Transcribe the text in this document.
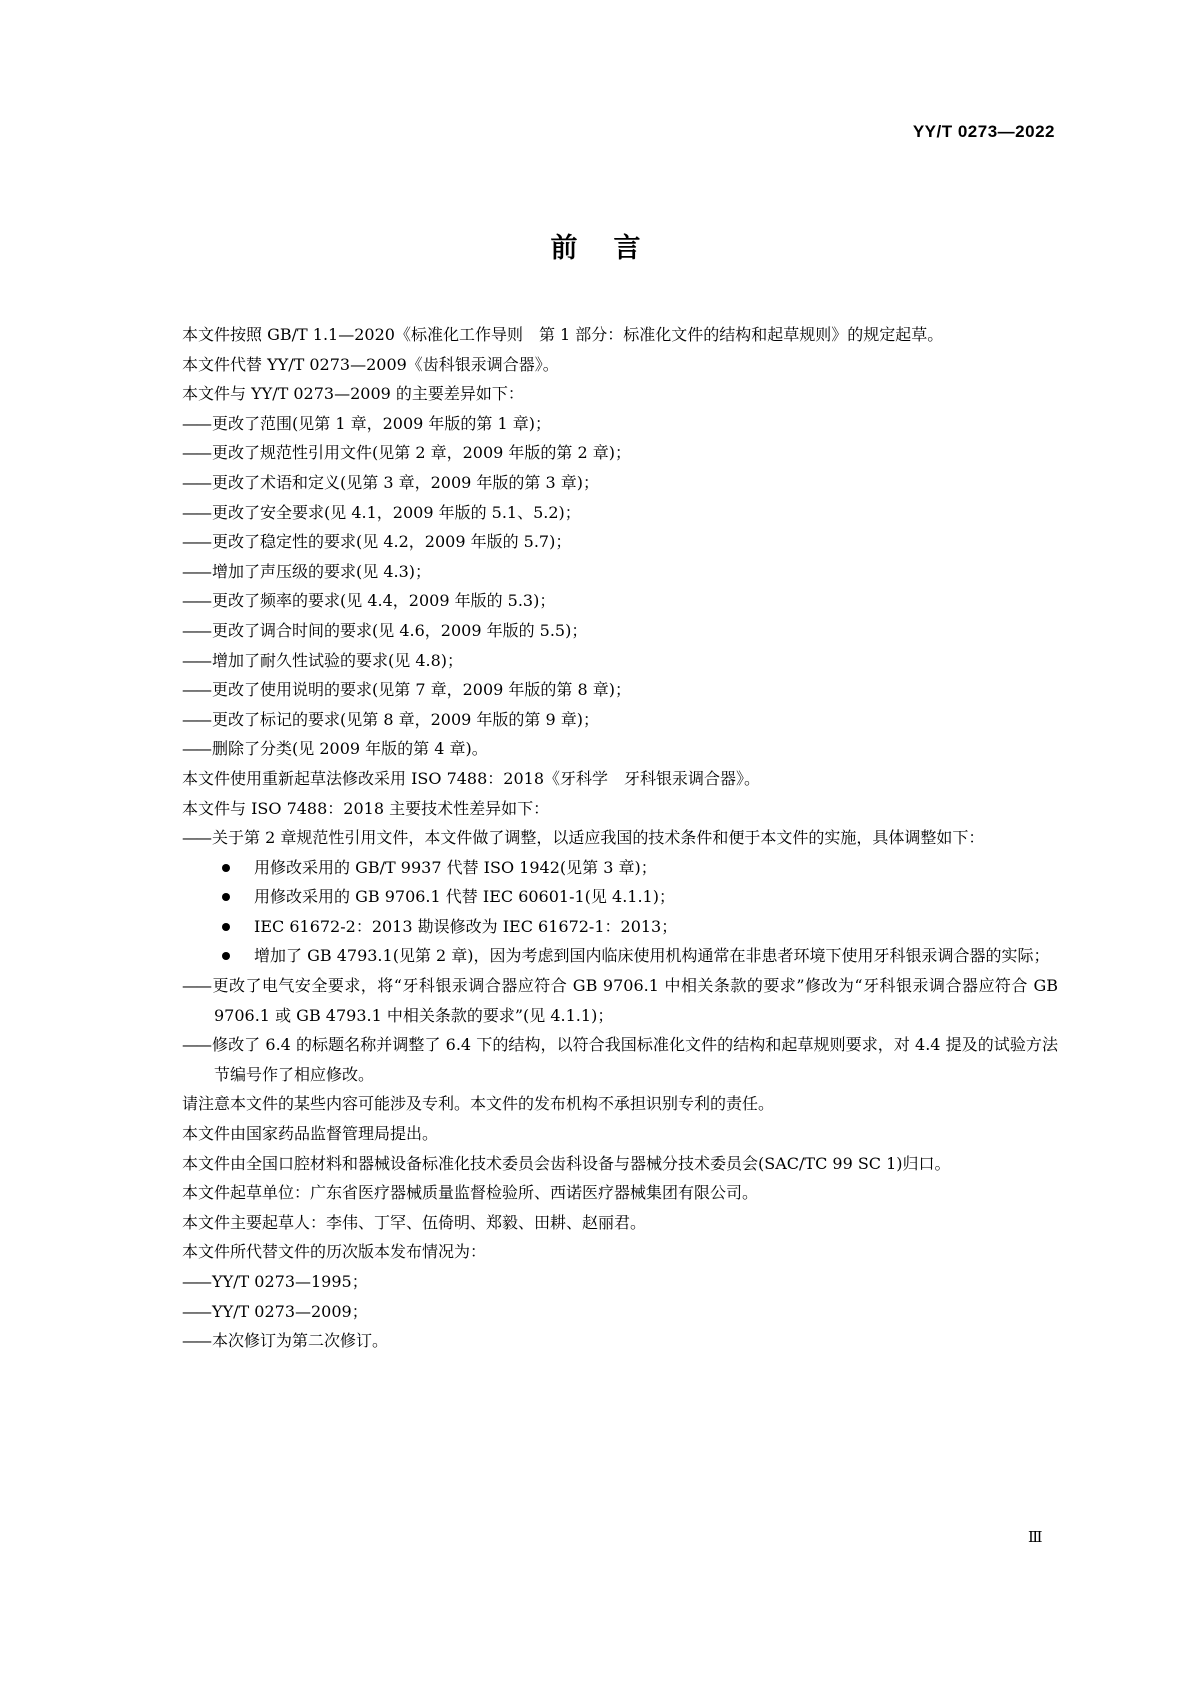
YY/T 0273—2022
前言

本文件按照 GB/T 1.1—2020《标准化工作导则　第 1 部分：标准化文件的结构和起草规则》的规定起草。

本文件代替 YY/T 0273—2009《齿科银汞调合器》。

本文件与 YY/T 0273—2009 的主要差异如下：

—— 更改了范围(见第 1 章，2009 年版的第 1 章)；

—— 更改了规范性引用文件(见第 2 章，2009 年版的第 2 章)；

—— 更改了术语和定义(见第 3 章，2009 年版的第 3 章)；

—— 更改了安全要求(见 4.1，2009 年版的 5.1、5.2)；

—— 更改了稳定性的要求(见 4.2，2009 年版的 5.7)；

—— 增加了声压级的要求(见 4.3)；

—— 更改了频率的要求(见 4.4，2009 年版的 5.3)；

—— 更改了调合时间的要求(见 4.6，2009 年版的 5.5)；

—— 增加了耐久性试验的要求(见 4.8)；

—— 更改了使用说明的要求(见第 7 章，2009 年版的第 8 章)；

—— 更改了标记的要求(见第 8 章，2009 年版的第 9 章)；

—— 删除了分类(见 2009 年版的第 4 章)。

本文件使用重新起草法修改采用 ISO 7488：2018《牙科学　牙科银汞调合器》。

本文件与 ISO 7488：2018 主要技术性差异如下：

—— 关于第 2 章规范性引用文件，本文件做了调整，以适应我国的技术条件和便于本文件的实施，具体调整如下：

用修改采用的 GB/T 9937 代替 ISO 1942(见第 3 章)；

用修改采用的 GB 9706.1 代替 IEC 60601-1(见 4.1.1)；

IEC 61672-2：2013 勘误修改为 IEC 61672-1：2013；

增加了 GB 4793.1(见第 2 章)，因为考虑到国内临床使用机构通常在非患者环境下使用牙科银汞调合器的实际；

—— 更改了电气安全要求，将“牙科银汞调合器应符合 GB 9706.1 中相关条款的要求”修改为“牙科银汞调合器应符合 GB 9706.1 或 GB 4793.1 中相关条款的要求”(见 4.1.1)；

—— 修改了 6.4 的标题名称并调整了 6.4 下的结构，以符合我国标准化文件的结构和起草规则要求，对 4.4 提及的试验方法节编号作了相应修改。

请注意本文件的某些内容可能涉及专利。本文件的发布机构不承担识别专利的责任。

本文件由国家药品监督管理局提出。

本文件由全国口腔材料和器械设备标准化技术委员会齿科设备与器械分技术委员会(SAC/TC 99 SC 1)归口。

本文件起草单位：广东省医疗器械质量监督检验所、西诺医疗器械集团有限公司。

本文件主要起草人：李伟、丁罕、伍倚明、郑毅、田耕、赵丽君。

本文件所代替文件的历次版本发布情况为：

—— YY/T 0273—1995；

—— YY/T 0273—2009；

—— 本次修订为第二次修订。

Ⅲ
